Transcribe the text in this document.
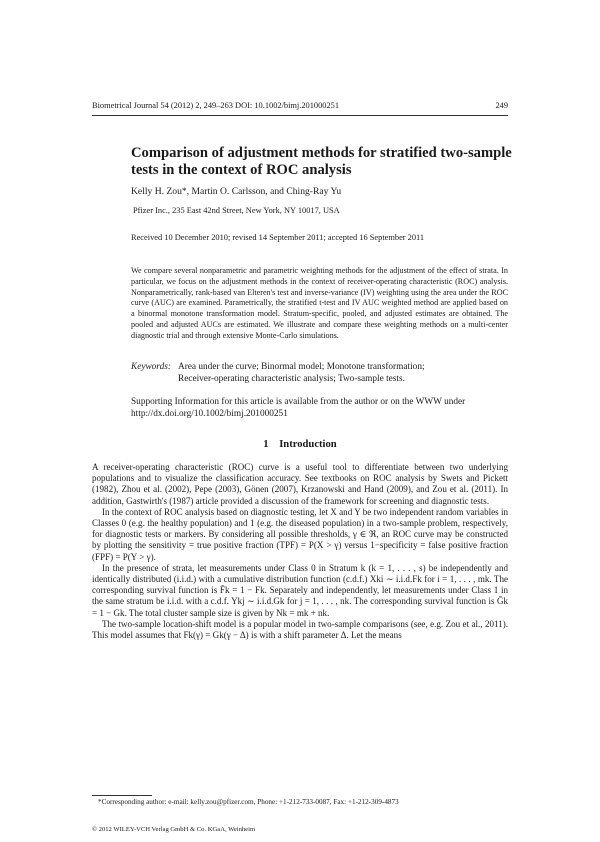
Biometrical Journal 54 (2012) 2, 249–263 DOI: 10.1002/bimj.201000251	249
Comparison of adjustment methods for stratified two-sample tests in the context of ROC analysis
Kelly H. Zou*, Martin O. Carlsson, and Ching-Ray Yu
Pfizer Inc., 235 East 42nd Street, New York, NY 10017, USA
Received 10 December 2010; revised 14 September 2011; accepted 16 September 2011

We compare several nonparametric and parametric weighting methods for the adjustment of the effect of strata. In particular, we focus on the adjustment methods in the context of receiver-operating characteristic (ROC) analysis. Nonparametrically, rank-based van Elteren's test and inverse-variance (IV) weighting using the area under the ROC curve (AUC) are examined. Parametrically, the stratified t-test and IV AUC weighted method are applied based on a binormal monotone transformation model. Stratum-specific, pooled, and adjusted estimates are obtained. The pooled and adjusted AUCs are estimated. We illustrate and compare these weighting methods on a multi-center diagnostic trial and through extensive Monte-Carlo simulations.

Keywords: Area under the curve; Binormal model; Monotone transformation;
Receiver-operating characteristic analysis; Two-sample tests.

Supporting Information for this article is available from the author or on the WWW under http://dx.doi.org/10.1002/bimj.201000251

1 Introduction

A receiver-operating characteristic (ROC) curve is a useful tool to differentiate between two underlying populations and to visualize the classification accuracy. See textbooks on ROC analysis by Swets and Pickett (1982), Zhou et al. (2002), Pepe (2003), Gönen (2007), Krzanowski and Hand (2009), and Zou et al. (2011). In addition, Gastwirth's (1987) article provided a discussion of the framework for screening and diagnostic tests.

In the context of ROC analysis based on diagnostic testing, let X and Y be two independent random variables in Classes 0 (e.g. the healthy population) and 1 (e.g. the diseased population) in a two-sample problem, respectively, for diagnostic tests or markers. By considering all possible thresholds, γ ∈ ℜ, an ROC curve may be constructed by plotting the sensitivity = true positive fraction (TPF) = P(X > γ) versus 1−specificity = false positive fraction (FPF) = P(Y > γ).

In the presence of strata, let measurements under Class 0 in Stratum k (k = 1, . . . , s) be independently and identically distributed (i.i.d.) with a cumulative distribution function (c.d.f.) Xki ∼ i.i.d.Fk for i = 1, . . . , mk. The corresponding survival function is F̄k = 1 − Fk. Separately and independently, let measurements under Class 1 in the same stratum be i.i.d. with a c.d.f. Ykj ∼ i.i.d.Gk for j = 1, . . . , nk. The corresponding survival function is Ḡk = 1 − Gk. The total cluster sample size is given by Nk = mk + nk.

The two-sample location-shift model is a popular model in two-sample comparisons (see, e.g. Zou et al., 2011). This model assumes that Fk(γ) = Gk(γ − Δ) is with a shift parameter Δ. Let the means

*Corresponding author: e-mail: kelly.zou@pfizer.com, Phone: +1-212-733-0087, Fax: +1-212-309-4873
© 2012 WILEY-VCH Verlag GmbH & Co. KGaA, Weinheim
